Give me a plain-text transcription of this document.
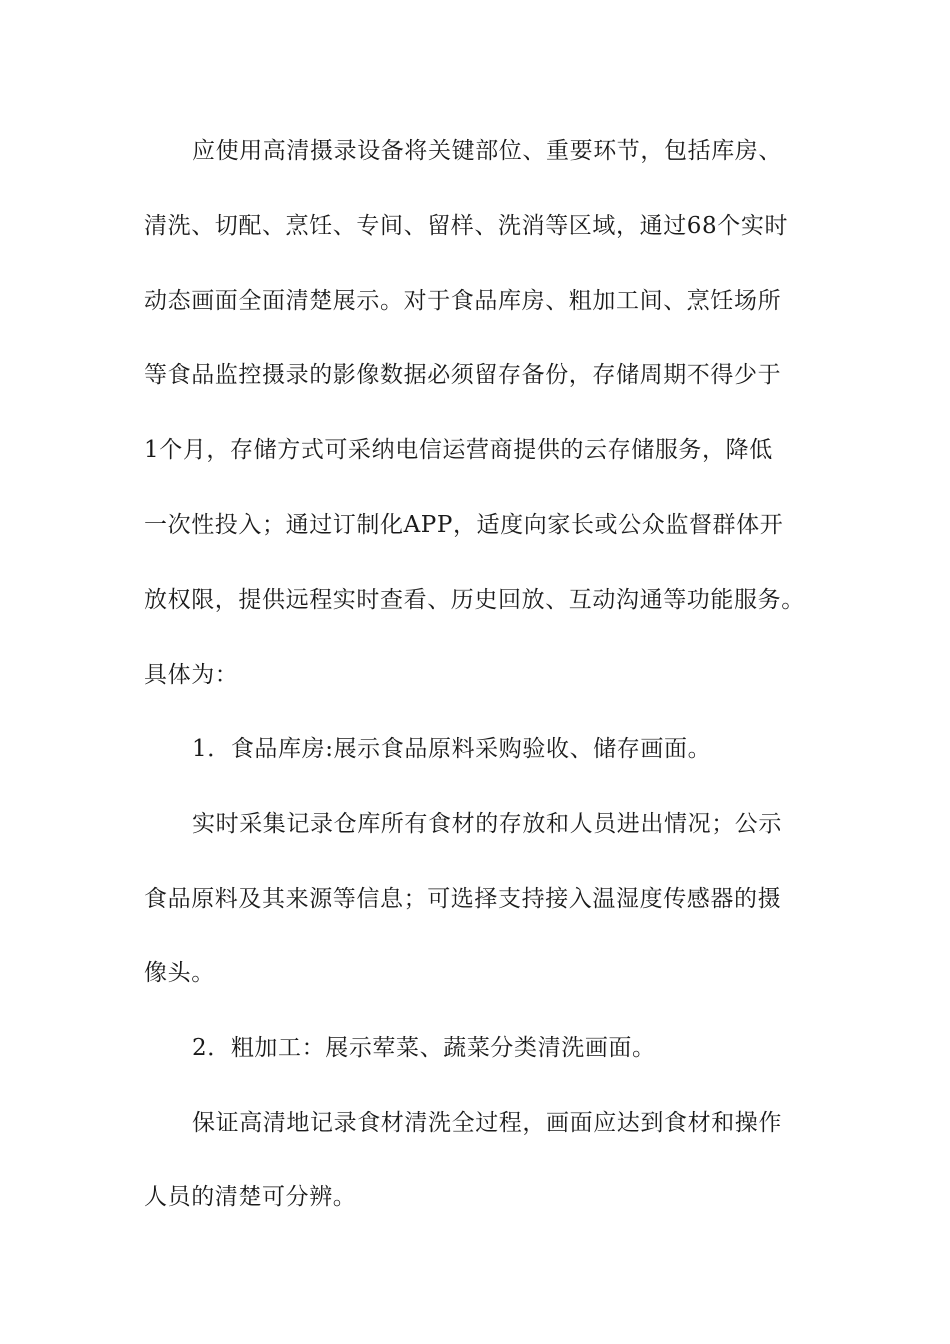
应使用高清摄录设备将关键部位、重要环节，包括库房、
清洗、切配、烹饪、专间、留样、洗消等区域，通过68个实时
动态画面全面清楚展示。对于食品库房、粗加工间、烹饪场所
等食品监控摄录的影像数据必须留存备份，存储周期不得少于
1个月，存储方式可采纳电信运营商提供的云存储服务，降低
一次性投入；通过订制化APP，适度向家长或公众监督群体开
放权限，提供远程实时查看、历史回放、互动沟通等功能服务。
具体为：
1．食品库房:展示食品原料采购验收、储存画面。
实时采集记录仓库所有食材的存放和人员进出情况；公示
食品原料及其来源等信息；可选择支持接入温湿度传感器的摄
像头。
2．粗加工：展示荤菜、蔬菜分类清洗画面。
保证高清地记录食材清洗全过程，画面应达到食材和操作
人员的清楚可分辨。
